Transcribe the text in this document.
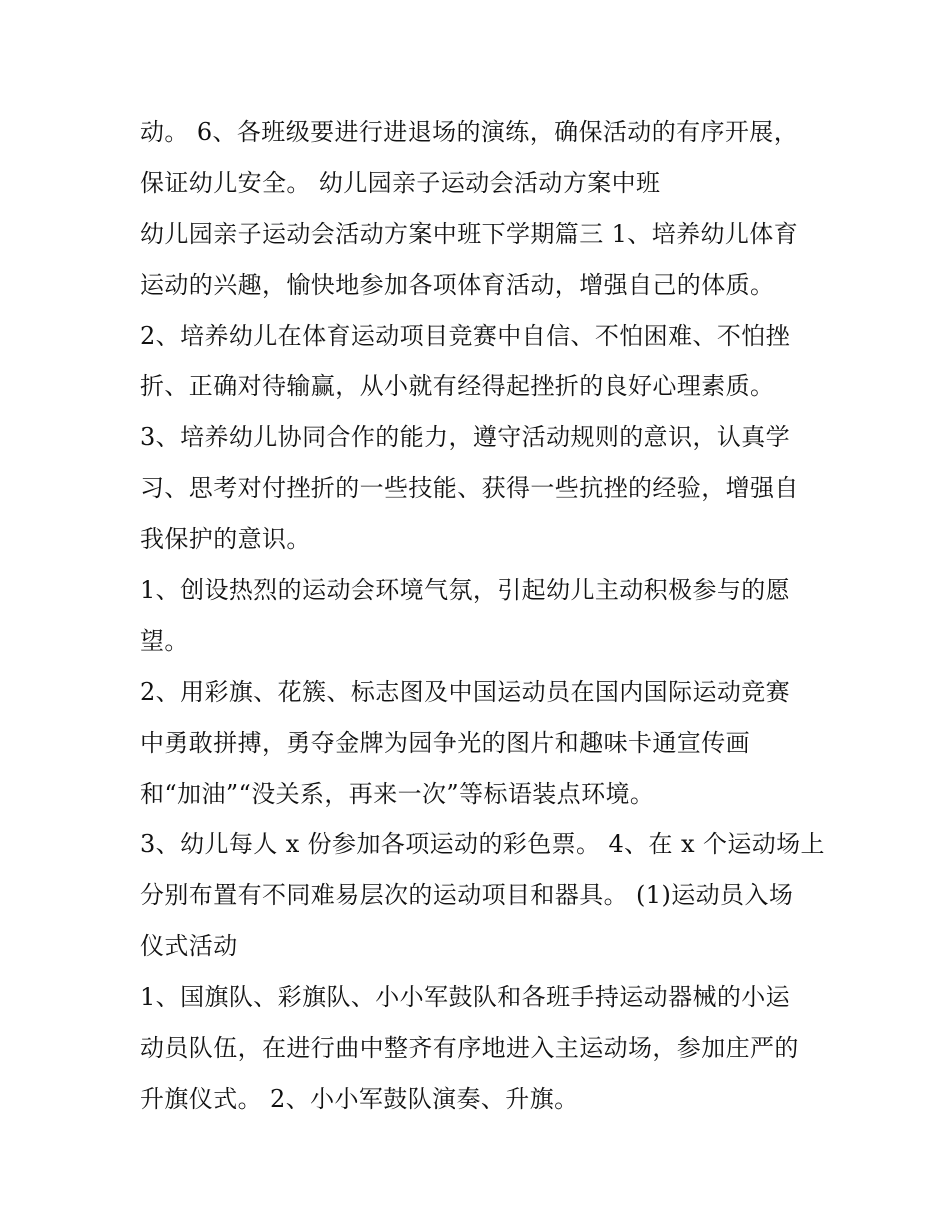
动。 6、各班级要进行进退场的演练，确保活动的有序开展，
保证幼儿安全。 幼儿园亲子运动会活动方案中班
幼儿园亲子运动会活动方案中班下学期篇三 1、培养幼儿体育
运动的兴趣，愉快地参加各项体育活动，增强自己的体质。
2、培养幼儿在体育运动项目竞赛中自信、不怕困难、不怕挫
折、正确对待输赢，从小就有经得起挫折的良好心理素质。
3、培养幼儿协同合作的能力，遵守活动规则的意识，认真学
习、思考对付挫折的一些技能、获得一些抗挫的经验，增强自
我保护的意识。
1、创设热烈的运动会环境气氛，引起幼儿主动积极参与的愿
望。
2、用彩旗、花簇、标志图及中国运动员在国内国际运动竞赛
中勇敢拼搏，勇夺金牌为园争光的图片和趣味卡通宣传画
和“加油”“没关系，再来一次”等标语装点环境。
3、幼儿每人 x 份参加各项运动的彩色票。 4、在 x 个运动场上
分别布置有不同难易层次的运动项目和器具。 (1)运动员入场
仪式活动
1、国旗队、彩旗队、小小军鼓队和各班手持运动器械的小运
动员队伍，在进行曲中整齐有序地进入主运动场，参加庄严的
升旗仪式。 2、小小军鼓队演奏、升旗。
